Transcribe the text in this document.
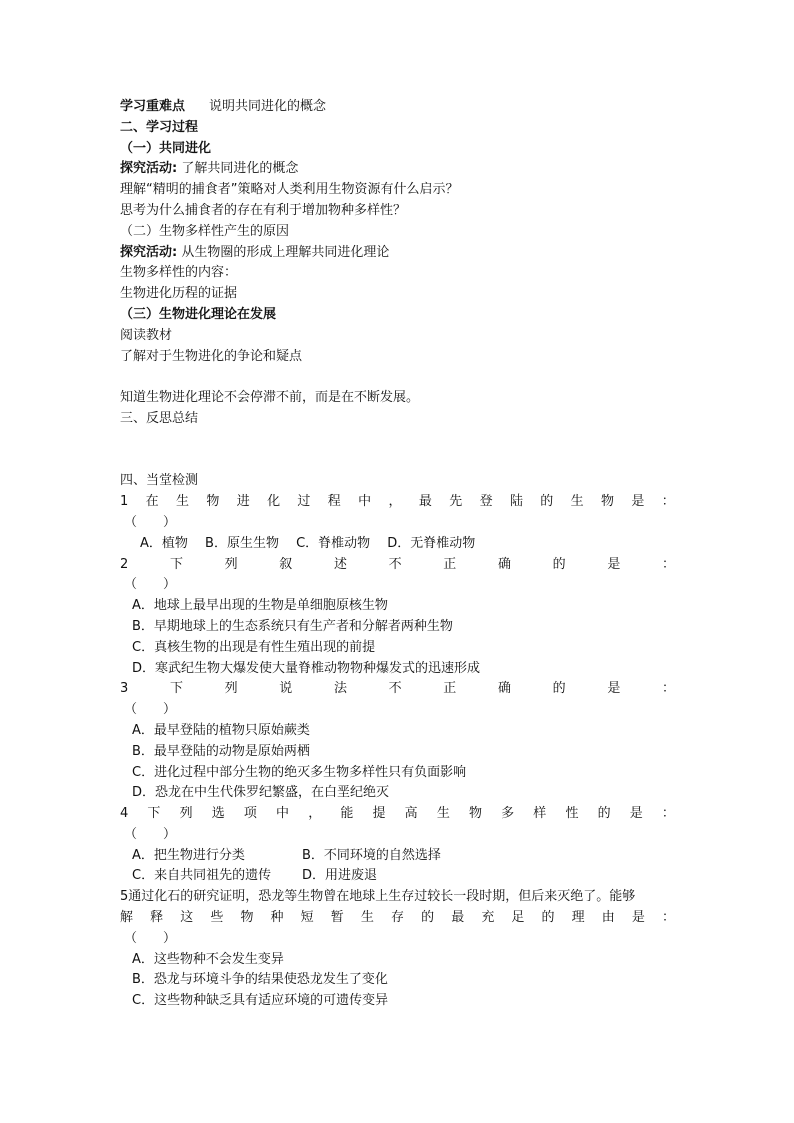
学习重难点 说明共同进化的概念
二、学习过程
（一）共同进化
探究活动: 了解共同进化的概念
理解“精明的捕食者”策略对人类利用生物资源有什么启示？
思考为什么捕食者的存在有利于增加物种多样性？
（二）生物多样性产生的原因
探究活动: 从生物圈的形成上理解共同进化理论
生物多样性的内容：
生物进化历程的证据
（三）生物进化理论在发展
阅读教材
了解对于生物进化的争论和疑点
知道生物进化理论不会停滞不前，而是在不断发展。
三、反思总结
四、当堂检测
1 在 生 物 进 化 过 程 中 ， 最 先 登 陆 的 生 物 是 ：
（　　）
A．植物　 B．原生生物　 C．脊椎动物　 D．无脊椎动物
2	下	列	叙	述	不	正	确	的	是	：
（　　）
A．地球上最早出现的生物是单细胞原核生物
B．早期地球上的生态系统只有生产者和分解者两种生物
C．真核生物的出现是有性生殖出现的前提
D．寒武纪生物大爆发使大量脊椎动物物种爆发式的迅速形成
3	下	列	说	法	不	正	确	的	是	：
（　　）
A．最早登陆的植物只原始蕨类
B．最早登陆的动物是原始两栖
C．进化过程中部分生物的绝灭多生物多样性只有负面影响
D．恐龙在中生代侏罗纪繁盛，在白垩纪绝灭
4 下 列 选 项 中 ， 能 提 高 生 物 多 样 性 的 是 ：
（　　）
A．把生物进行分类	B．不同环境的自然选择
C．来自共同祖先的遗传 D．用进废退
5通过化石的研究证明，恐龙等生物曾在地球上生存过较长一段时期，但后来灭绝了。能够
解 释 这 些 物 种 短 暂 生 存 的 最 充 足 的 理 由 是 ：
（　　）
A．这些物种不会发生变异
B．恐龙与环境斗争的结果使恐龙发生了变化
C．这些物种缺乏具有适应环境的可遗传变异
